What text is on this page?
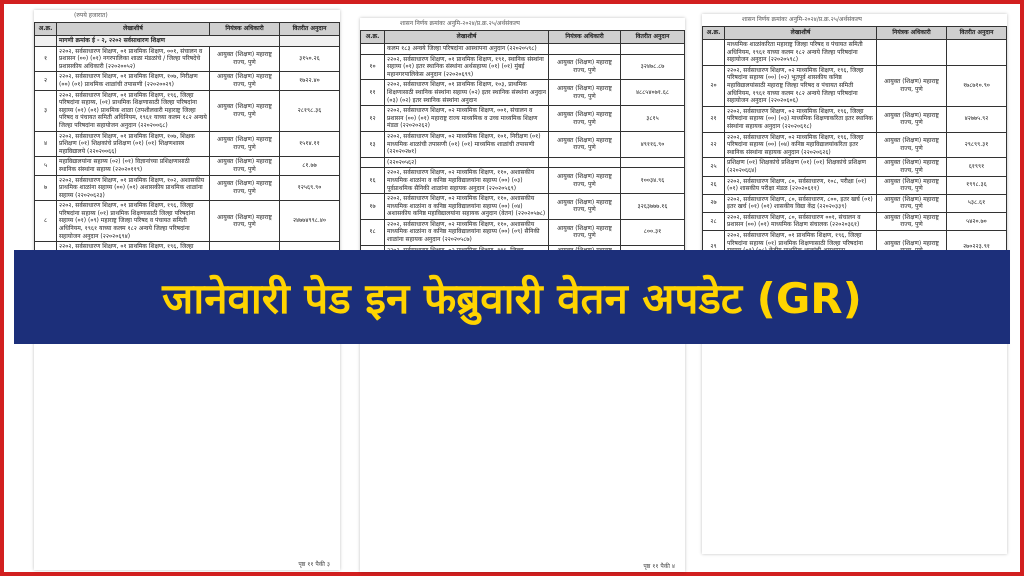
(रुपये हजारात)
अ.क्र.	लेखाशीर्ष	नियंत्रक अधिकारी	वितरीत अनुदान
	मागणी क्रमांक ई - २, २२०२ सर्वसाधारण शिक्षण		
१	२२०२, सर्वसाधारण शिक्षण, ०१ प्राथमिक शिक्षण, ००१, संचालन व प्रशासन (००) (०१) नगरपालिका शाळा मंडळांचे / जिल्हा परिषदेचे प्रशासकीय अधिकारी (२२०२००५२)	आयुक्त (शिक्षण) महाराष्ट्र राज्य, पुणे	३१५०.२६
२	२२०२, सर्वसाधारण शिक्षण, ०१ प्राथमिक शिक्षण, १०७, निरीक्षण (००) (०१) प्राथमिक शाळांची तपासणी (२२०२००२९)	आयुक्त (शिक्षण) महाराष्ट्र राज्य, पुणे	१७२२.४०
३	२२०२, सर्वसाधारण शिक्षण, ०१ प्राथमिक शिक्षण, १९६, जिल्हा परिषदांना सहाय्य, (०१) प्राथमिक शिक्षणासाठी जिल्हा परिषदांना सहाय्य (०१) (०१) प्राथमिक शाळा (तपशीलवारी महाराष्ट्र जिल्हा परिषद व पंचायत समिती अधिनियम, १९६१ याच्या कलम १८२ अन्वये जिल्हा परिषदांना सहायोजन अनुदान (२२०२००६८)	आयुक्त (शिक्षण) महाराष्ट्र राज्य, पुणे	२८१९८.३६
४	२२०२, सर्वसाधारण शिक्षण, ०१ प्राथमिक शिक्षण, १०७, शिक्षक प्रशिक्षण (०१) शिक्षकांचे प्रशिक्षण (०१) (०१) शिक्षणशास्त्र महाविद्यालये (२२०२००६६)	आयुक्त (शिक्षण) महाराष्ट्र राज्य, पुणे	१५१४.११
५	महाविद्यालयांना सहाय्य (०२) (०१) विज्ञानांच्या प्रशिक्षणासाठी स्थानिक संस्थांना सहाय्य (२२०२०११९)	आयुक्त (शिक्षण) महाराष्ट्र राज्य, पुणे	८१.७७
७	२२०२, सर्वसाधारण शिक्षण, ०१ प्राथमिक शिक्षण, १०२, अशासकीय प्राथमिक शाळांना सहाय्य (००) (०१) अशासकीय प्राथमिक शाळांना सहाय्य (२२०२०६२३)	आयुक्त (शिक्षण) महाराष्ट्र राज्य, पुणे	१२५६९.९०
८	२२०२, सर्वसाधारण शिक्षण, ०१ प्राथमिक शिक्षण, १९६, जिल्हा परिषदांना सहाय्य (०१) प्राथमिक शिक्षणासाठी जिल्हा परिषदांना सहाय्य (०१) (०९) महाराष्ट्र जिल्हा परिषद व पंचायत समिती अधिनियम, १९६१ याच्या कलम १८२ अन्वये जिल्हा परिषदांना सहायोजन अनुदान (२२०२०६९४)	आयुक्त (शिक्षण) महाराष्ट्र राज्य, पुणे	२४७७४९९८.४०
	२२०२, सर्वसाधारण शिक्षण, ०१ प्राथमिक शिक्षण, १९६, जिल्हा		
पृष्ठ ११ पैकी ३
शासन निर्णय क्रमांकः अनुमि-२०२४/प्र.क्र.२५/अर्थसंकल्प
अ.क्र.	लेखाशीर्ष	नियंत्रक अधिकारी	वितरीत अनुदान
	कलम १८३ अन्वये जिल्हा परिषदांना आस्थापना अनुदान (२२०२०५९८)		
१०	२२०२, सर्वसाधारण शिक्षण, ०१ प्राथमिक शिक्षण, १९१, स्थानिक संस्थांना सहाय्य (०१) इतर स्थानिक संस्थांना अर्थसहाय्य (०१) (०१) मुंबई महानगरपालिकेस अनुदान (२२०२०६९९)	आयुक्त (शिक्षण) महाराष्ट्र राज्य, पुणे	३२४७८.८७
११	२२०२, सर्वसाधारण शिक्षण, ०१ प्राथमिक शिक्षण, १०३, प्राथमिक शिक्षणासाठी स्थानिक संस्थांना सहाय्य (०२) इतर स्थानिक संस्थांना अनुदान (०३) (०२) इतर स्थानिक संस्थांना अनुदान	आयुक्त (शिक्षण) महाराष्ट्र राज्य, पुणे	४८८५४०७१.६८
१२	२२०२, सर्वसाधारण शिक्षण, ०२ माध्यमिक शिक्षण, ००१, संचालन व प्रशासन (००) (०१) महाराष्ट्र राज्य माध्यमिक व उच्च माध्यमिक शिक्षण मंडळ (२२०२०२६२)	आयुक्त (शिक्षण) महाराष्ट्र राज्य, पुणे	३८१५
१३	२२०२, सर्वसाधारण शिक्षण, ०२ माध्यमिक शिक्षण, १०१, निरीक्षण (०१) माध्यमिक शाळांची तपासणी (०१) (०१) माध्यमिक शाळांची तपासणी (२२०२०२७१)	आयुक्त (शिक्षण) महाराष्ट्र राज्य, पुणे	४९११६.९०
	(२२०२०५६२)		
१६	२२०२, सर्वसाधारण शिक्षण, ०२ माध्यमिक शिक्षण, ११०, अशासकीय माध्यमिक शाळांना व कनिष्ठ महाविद्यालयांना सहाय्य (००) (०३) पूर्वप्राथमिक सैनिकी शाळांना सहायक अनुदान (२२०२०५६९)	आयुक्त (शिक्षण) महाराष्ट्र राज्य, पुणे	१००३४.९६
१७	२२०२, सर्वसाधारण शिक्षण, ०२ माध्यमिक शिक्षण, ११०, अशासकीय माध्यमिक शाळांना व कनिष्ठ महाविद्यालयांना सहाय्य (००) (०४) अशासकीय कनिष्ठ महाविद्यालयांना सहायक अनुदान (वेतन) (२२०२०५७८)	आयुक्त (शिक्षण) महाराष्ट्र राज्य, पुणे	३२६३७७७.१६
१८	२२०२, सर्वसाधारण शिक्षण, ०२ माध्यमिक शिक्षण, ११०, अशासकीय माध्यमिक शाळांना व कनिष्ठ महाविद्यालयांना सहाय्य (००) (०९) सैनिकी शाळांना सहायक अनुदान (२२०२०५८७)	आयुक्त (शिक्षण) महाराष्ट्र राज्य, पुणे	८००.३१

पृष्ठ ११ पैकी ४
शासन निर्णय क्रमांकः अनुमि-२०२४/प्र.क्र.२५/अर्थसंकल्प
अ.क्र.	लेखाशीर्ष	नियंत्रक अधिकारी	वितरीत अनुदान
	माध्यमिक शाळांकरिता महाराष्ट्र जिल्हा परिषद व पंचायत समिती अधिनियम, १९६१ याच्या कलम १८२ अन्वये जिल्हा परिषदांना सहायोजन अनुदान (२२०२०५९८)		
२०	२२०२, सर्वसाधारण शिक्षण, ०२ माध्यमिक शिक्षण, १९६, जिल्हा परिषदांना सहाय्य (००) (०२) भूतपूर्व शासकीय कनिष्ठ महाविद्यालयांसाठी महाराष्ट्र जिल्हा परिषद व पंचायत समिती अधिनियम, १९६१ याच्या कलम १८२ अन्वये जिल्हा परिषदांना सहायोजन अनुदान (२२०२०६०६)	आयुक्त (शिक्षण) महाराष्ट्र राज्य, पुणे	१७८७१०.९०
२१	२२०२, सर्वसाधारण शिक्षण, ०२ माध्यमिक शिक्षण, १९६, जिल्हा परिषदांना सहाय्य (००) (०३) माध्यमिक शिक्षणाकरिता इतर स्थानिक संस्थांना सहायक अनुदान (२२०२०६१८)	आयुक्त (शिक्षण) महाराष्ट्र राज्य, पुणे	४२७७५.९२
२२	२२०२, सर्वसाधारण शिक्षण, ०२ माध्यमिक शिक्षण, १९६, जिल्हा परिषदांना सहाय्य (००) (०४) कनिष्ठ महाविद्यालयांकरिता इतर स्थानिक संस्थांना सहायक अनुदान (२२०२०६२६)	आयुक्त (शिक्षण) महाराष्ट्र राज्य, पुणे	२९८९९.३१
२५	प्रशिक्षण (०१) शिक्षकांचे प्रशिक्षण (०१) (०१) शिक्षकांचे प्रशिक्षण (२२०२०६६४)	आयुक्त (शिक्षण) महाराष्ट्र राज्य, पुणे	६१९९१
२६	२२०२, सर्वसाधारण शिक्षण, ८०, सर्वसाधारण, १०८, परीक्षा (०१) (०१) शासकीय परीक्षा मंडळ (२२०२०६११)	आयुक्त (शिक्षण) महाराष्ट्र राज्य, पुणे	१९९८.३६
२७	२२०२, सर्वसाधारण शिक्षण, ८०, सर्वसाधारण, ८००, इतर खर्च (०१) इतर खर्च (०१) (०१) शासकीय विद्या केंद्र (२२०२०३३९)	आयुक्त (शिक्षण) महाराष्ट्र राज्य, पुणे	५३८.६१
२८	२२०२, सर्वसाधारण शिक्षण, ८०, सर्वसाधारण ००१, संचालन व प्रशासन (००) (०१) माध्यमिक शिक्षण संचालक (२२०२०३६१)	आयुक्त (शिक्षण) महाराष्ट्र राज्य, पुणे	५४२०.७०
२९	२२०२, सर्वसाधारण शिक्षण, ०१ प्राथमिक शिक्षण, १९६, जिल्हा परिषदांना सहाय्य (०१) प्राथमिक शिक्षणासाठी जिल्हा परिषदांना	आयुक्त (शिक्षण) महाराष्ट्र	२७०२२३.९१
जानेवारी पेड इन फेब्रुवारी वेतन अपडेट (GR)
